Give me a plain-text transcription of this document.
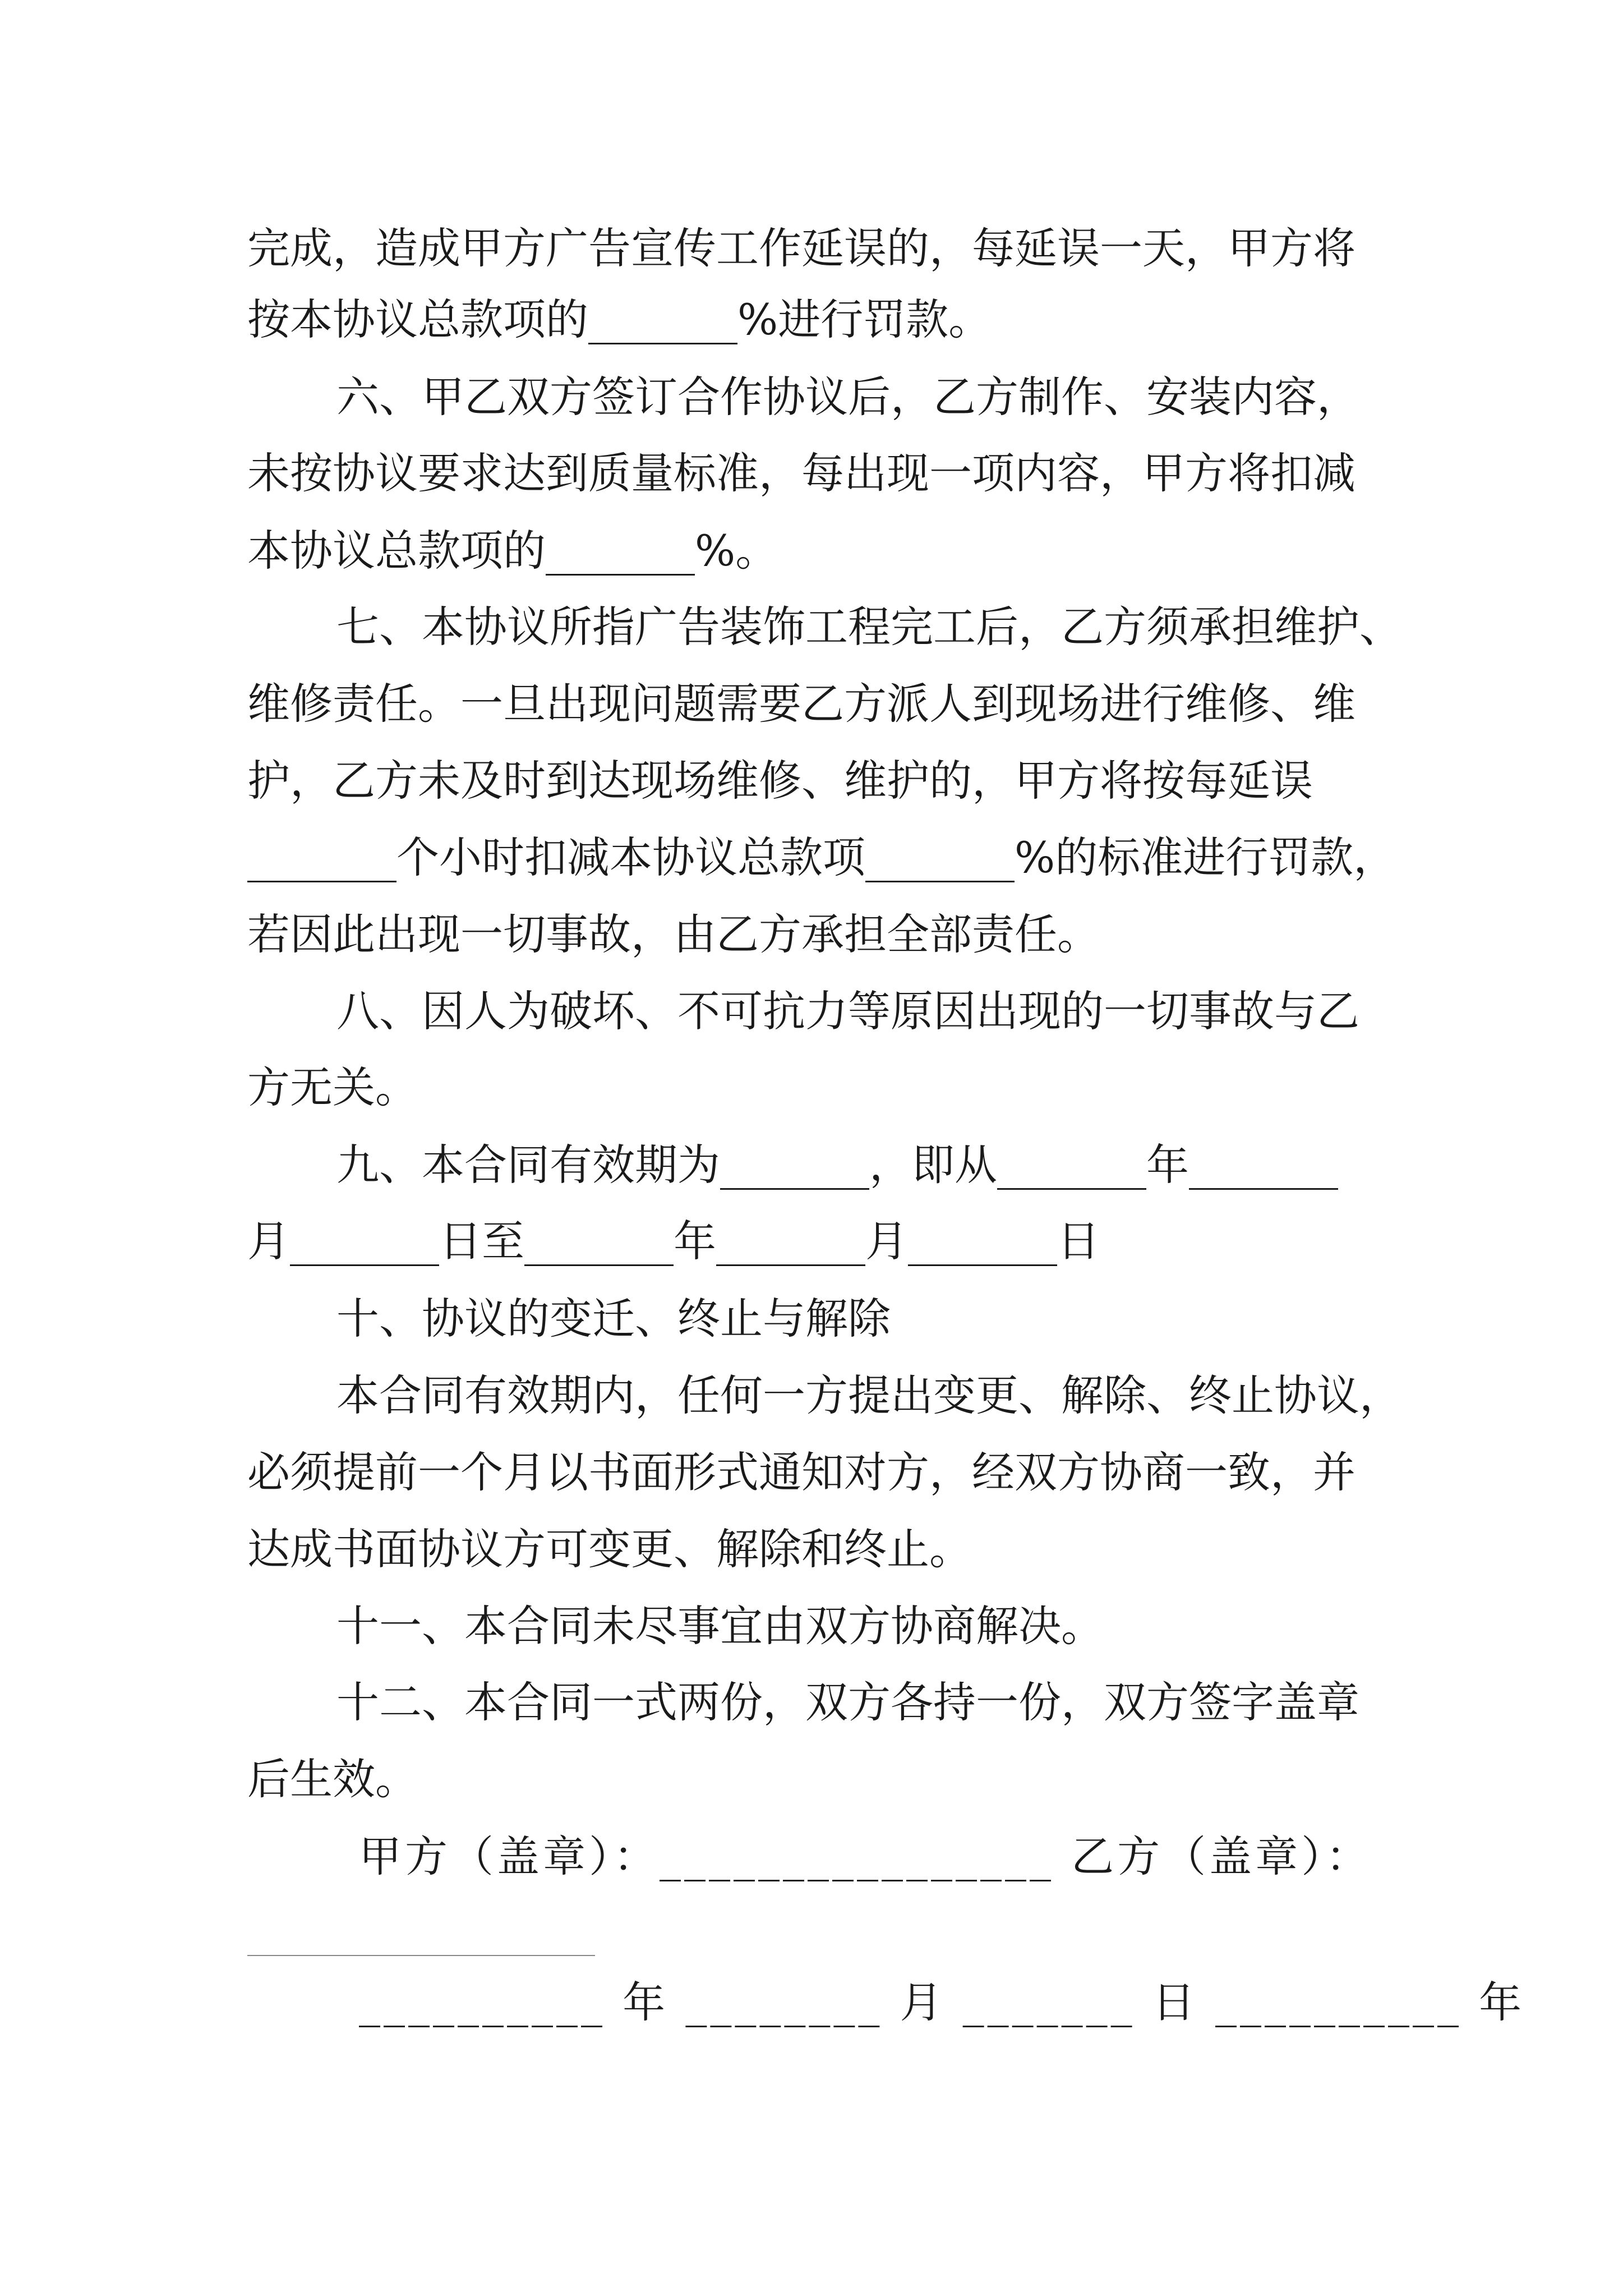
完成，造成甲方广告宣传工作延误的，每延误一天，甲方将
按本协议总款项的_______%进行罚款。
六、甲乙双方签订合作协议后，乙方制作、安装内容，
未按协议要求达到质量标准，每出现一项内容，甲方将扣减
本协议总款项的_______%。
七、本协议所指广告装饰工程完工后，乙方须承担维护、
维修责任。一旦出现问题需要乙方派人到现场进行维修、维
护，乙方未及时到达现场维修、维护的，甲方将按每延误
_______个小时扣减本协议总款项_______%的标准进行罚款，
若因此出现一切事故，由乙方承担全部责任。
八、因人为破坏、不可抗力等原因出现的一切事故与乙
方无关。
九、本合同有效期为_______，即从_______年_______
月_______日至_______年_______月_______日
十、协议的变迁、终止与解除
本合同有效期内，任何一方提出变更、解除、终止协议，
必须提前一个月以书面形式通知对方，经双方协商一致，并
达成书面协议方可变更、解除和终止。
十一、本合同未尽事宜由双方协商解决。
十二、本合同一式两份，双方各持一份，双方签字盖章
后生效。
甲方（盖章）：________________ 乙方（盖章）：
__________ 年 ________ 月 _______ 日 __________ 年
